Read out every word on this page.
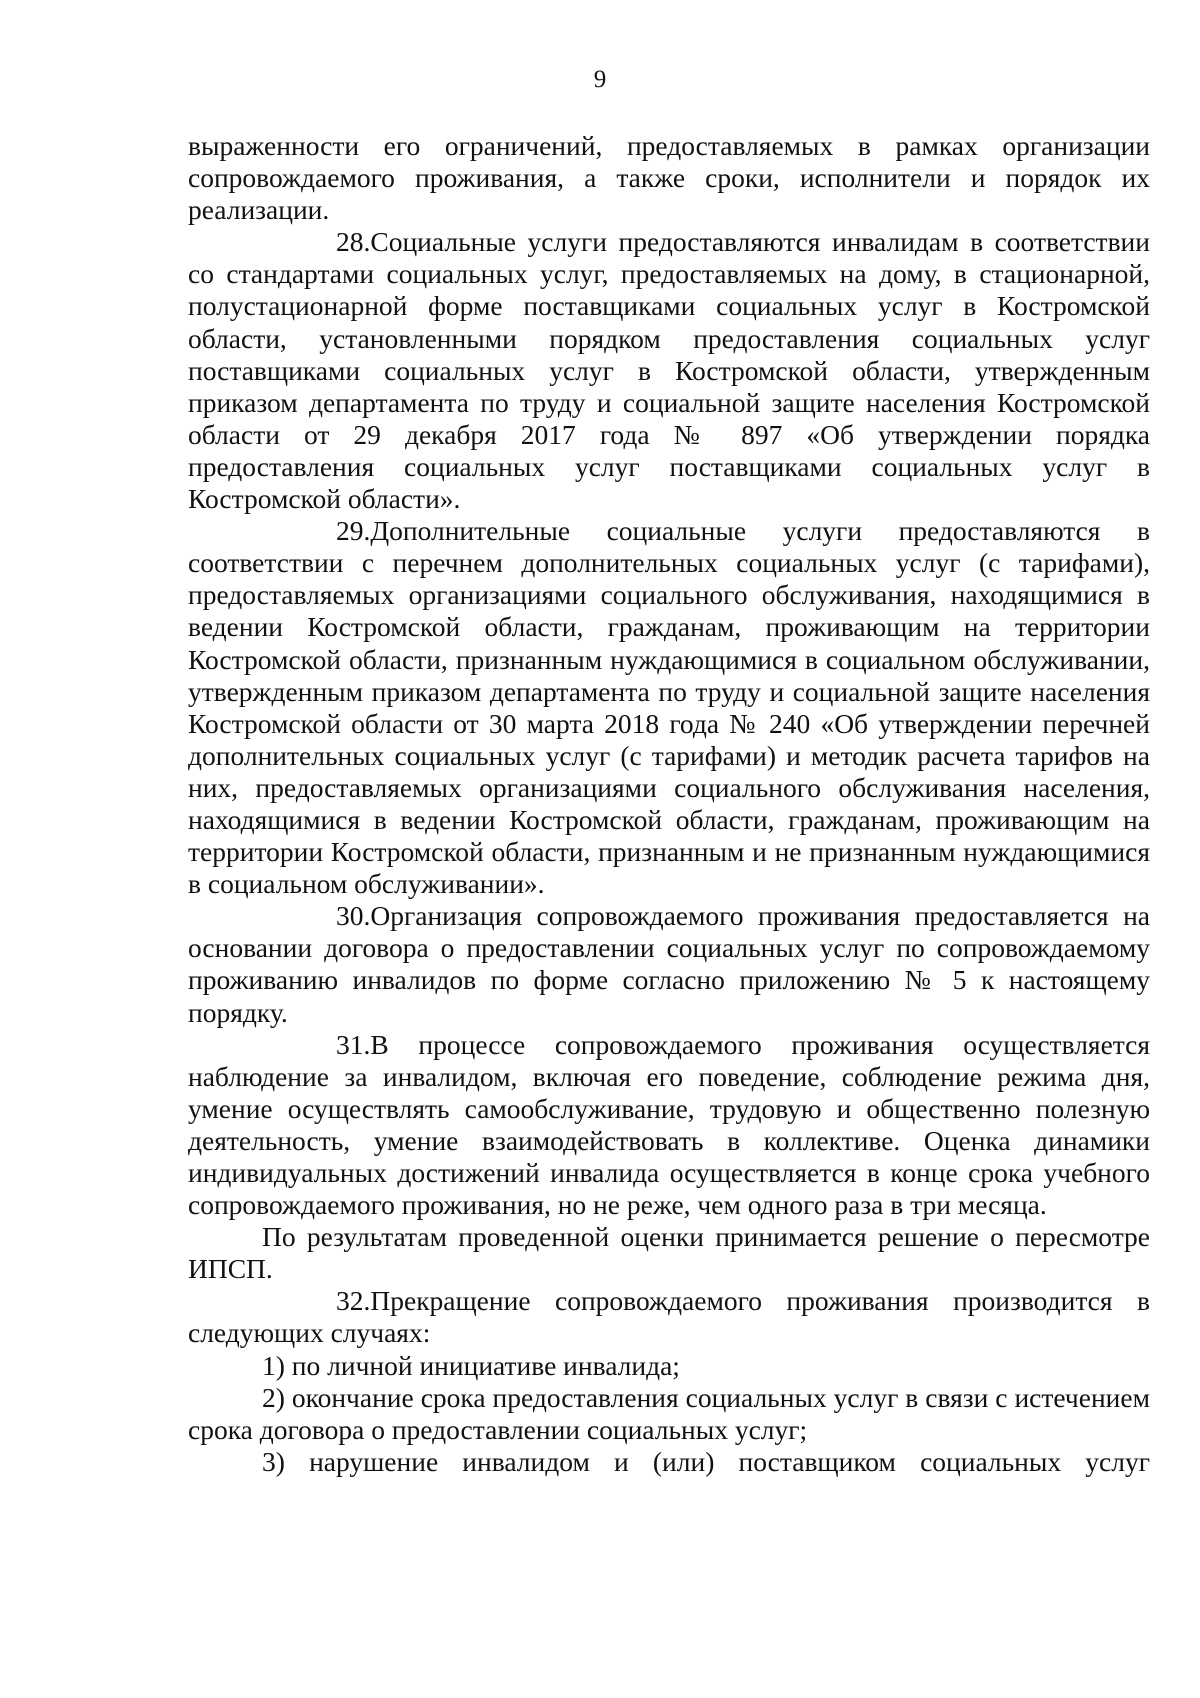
9

выраженности его ограничений, предоставляемых в рамках организации сопровождаемого проживания, а также сроки, исполнители и порядок их реализации.

28.Социальные услуги предоставляются инвалидам в соответствии со стандартами социальных услуг, предоставляемых на дому, в стационарной, полустационарной форме поставщиками социальных услуг в Костромской области, установленными порядком предоставления социальных услуг поставщиками социальных услуг в Костромской области, утвержденным приказом департамента по труду и социальной защите населения Костромской области от 29 декабря 2017 года № 897 «Об утверждении порядка предоставления социальных услуг поставщиками социальных услуг в Костромской области».

29.Дополнительные социальные услуги предоставляются в соответствии с перечнем дополнительных социальных услуг (с тарифами), предоставляемых организациями социального обслуживания, находящимися в ведении Костромской области, гражданам, проживающим на территории Костромской области, признанным нуждающимися в социальном обслуживании, утвержденным приказом департамента по труду и социальной защите населения Костромской области от 30 марта 2018 года № 240 «Об утверждении перечней дополнительных социальных услуг (с тарифами) и методик расчета тарифов на них, предоставляемых организациями социального обслуживания населения, находящимися в ведении Костромской области, гражданам, проживающим на территории Костромской области, признанным и не признанным нуждающимися в социальном обслуживании».

30.Организация сопровождаемого проживания предоставляется на основании договора о предоставлении социальных услуг по сопровождаемому проживанию инвалидов по форме согласно приложению № 5 к настоящему порядку.

31.В процессе сопровождаемого проживания осуществляется наблюдение за инвалидом, включая его поведение, соблюдение режима дня, умение осуществлять самообслуживание, трудовую и общественно полезную деятельность, умение взаимодействовать в коллективе. Оценка динамики индивидуальных достижений инвалида осуществляется в конце срока учебного сопровождаемого проживания, но не реже, чем одного раза в три месяца.

По результатам проведенной оценки принимается решение о пересмотре ИПСП.

32.Прекращение сопровождаемого проживания производится в следующих случаях:

1) по личной инициативе инвалида;

2) окончание срока предоставления социальных услуг в связи с истечением срока договора о предоставлении социальных услуг;

3) нарушение инвалидом и (или) поставщиком социальных услуг
